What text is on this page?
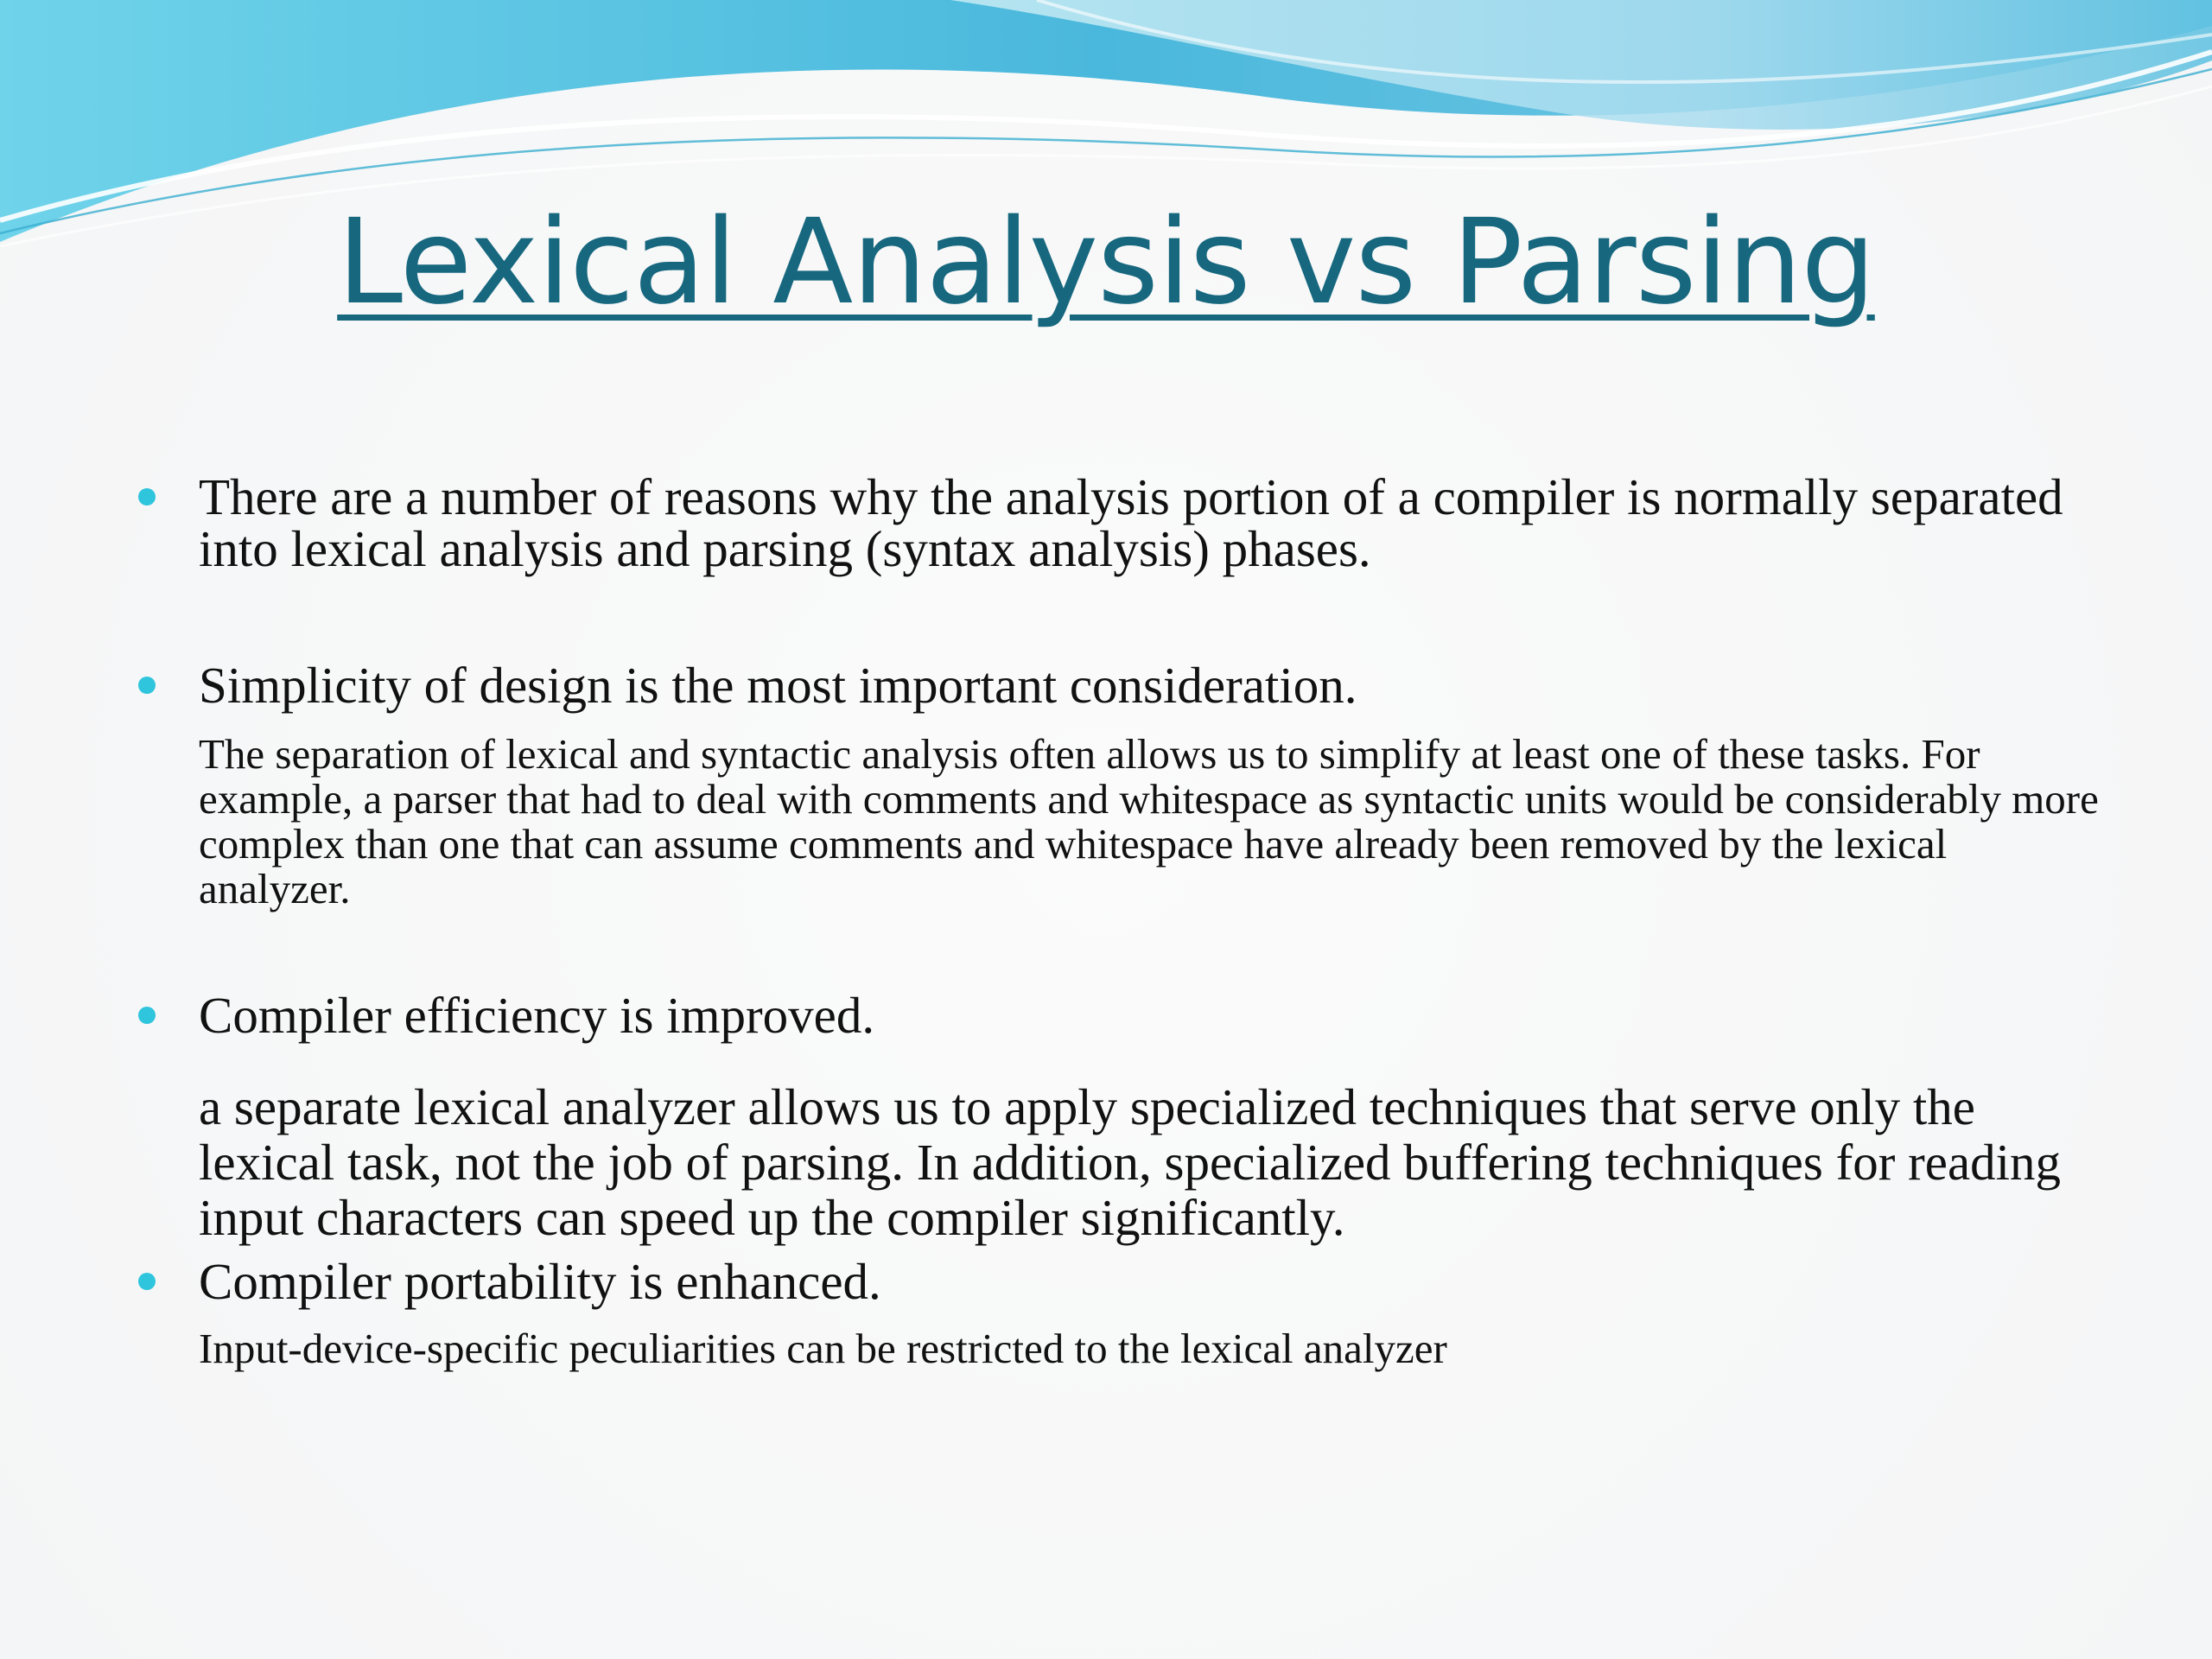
Lexical Analysis vs Parsing

There are a number of reasons why the analysis portion of a compiler is normally separated into lexical analysis and parsing (syntax analysis) phases.

Simplicity of design is the most important consideration.

The separation of lexical and syntactic analysis often allows us to simplify at least one of these tasks. For example, a parser that had to deal with comments and whitespace as syntactic units would be considerably more complex than one that can assume comments and whitespace have already been removed by the lexical analyzer.

Compiler efficiency is improved.

a separate lexical analyzer allows us to apply specialized techniques that serve only the lexical task, not the job of parsing. In addition, specialized buffering techniques for reading input characters can speed up the compiler significantly.

Compiler portability is enhanced.

Input-device-specific peculiarities can be restricted to the lexical analyzer
